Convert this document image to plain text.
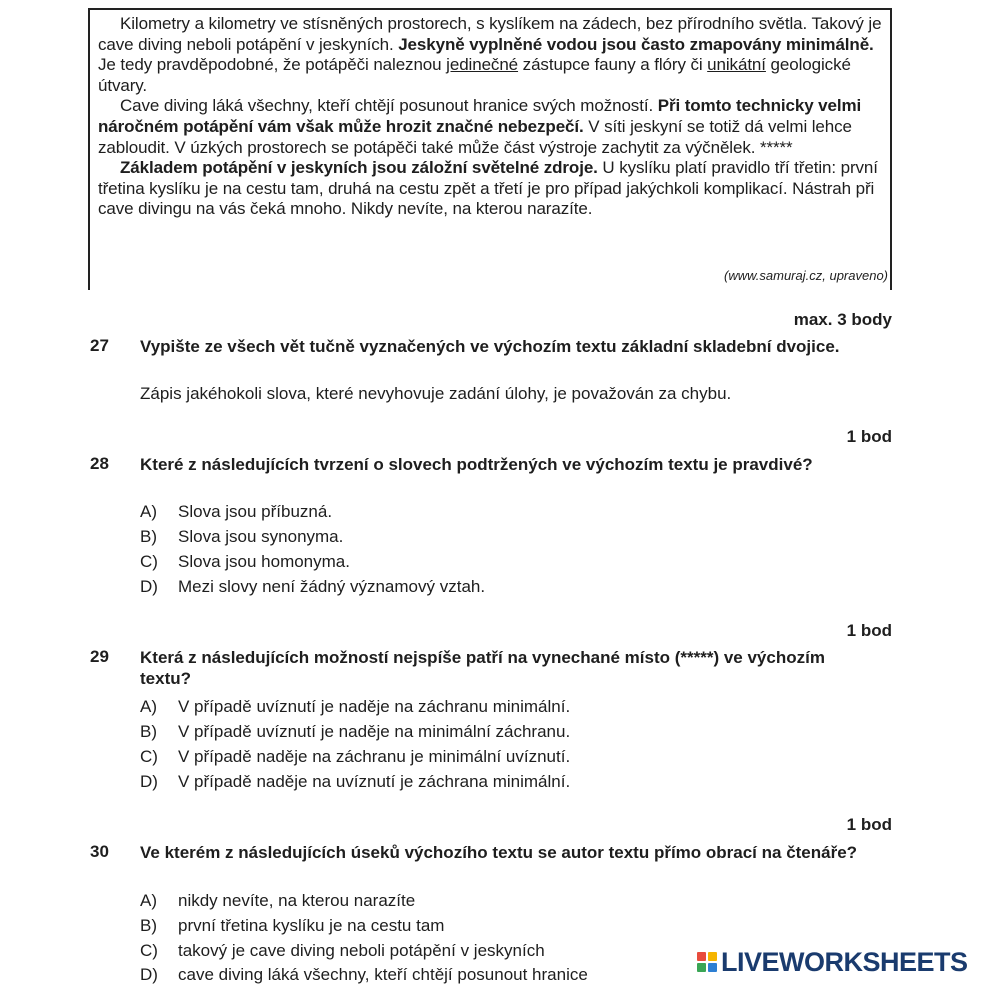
Kilometry a kilometry ve stísněných prostorech, s kyslíkem na zádech, bez přírodního světla. Takový je cave diving neboli potápění v jeskyních. Jeskyně vyplněné vodou jsou často zmapovány minimálně. Je tedy pravděpodobné, že potápěči naleznou jedinečné zástupce fauny a flóry či unikátní geologické útvary.

Cave diving láká všechny, kteří chtějí posunout hranice svých možností. Při tomto technicky velmi náročném potápění vám však může hrozit značné nebezpečí. V síti jeskyní se totiž dá velmi lehce zabloudit. V úzkých prostorech se potápěči také může část výstroje zachytit za výčnělek. *****

Základem potápění v jeskyních jsou záložní světelné zdroje. U kyslíku platí pravidlo tří třetin: první třetina kyslíku je na cestu tam, druhá na cestu zpět a třetí je pro případ jakýchkoli komplikací. Nástrah při cave divingu na vás čeká mnoho. Nikdy nevíte, na kterou narazíte.

(www.samuraj.cz, upraveno)
max. 3 body
27 Vypište ze všech vět tučně vyznačených ve výchozím textu základní skladební dvojice.
Zápis jakéhokoli slova, které nevyhovuje zadání úlohy, je považován za chybu.
1 bod
28 Které z následujících tvrzení o slovech podtržených ve výchozím textu je pravdivé?
A) Slova jsou příbuzná.
B) Slova jsou synonyma.
C) Slova jsou homonyma.
D) Mezi slovy není žádný významový vztah.
1 bod
29 Která z následujících možností nejspíše patří na vynechané místo (*****) ve výchozím textu?
A) V případě uvíznutí je naděje na záchranu minimální.
B) V případě uvíznutí je naděje na minimální záchranu.
C) V případě naděje na záchranu je minimální uvíznutí.
D) V případě naděje na uvíznutí je záchrana minimální.
1 bod
30 Ve kterém z následujících úseků výchozího textu se autor textu přímo obrací na čtenáře?
A) nikdy nevíte, na kterou narazíte
B) první třetina kyslíku je na cestu tam
C) takový je cave diving neboli potápění v jeskyních
D) cave diving láká všechny, kteří chtějí posunout hranice	LIVEWORKSHEETS
